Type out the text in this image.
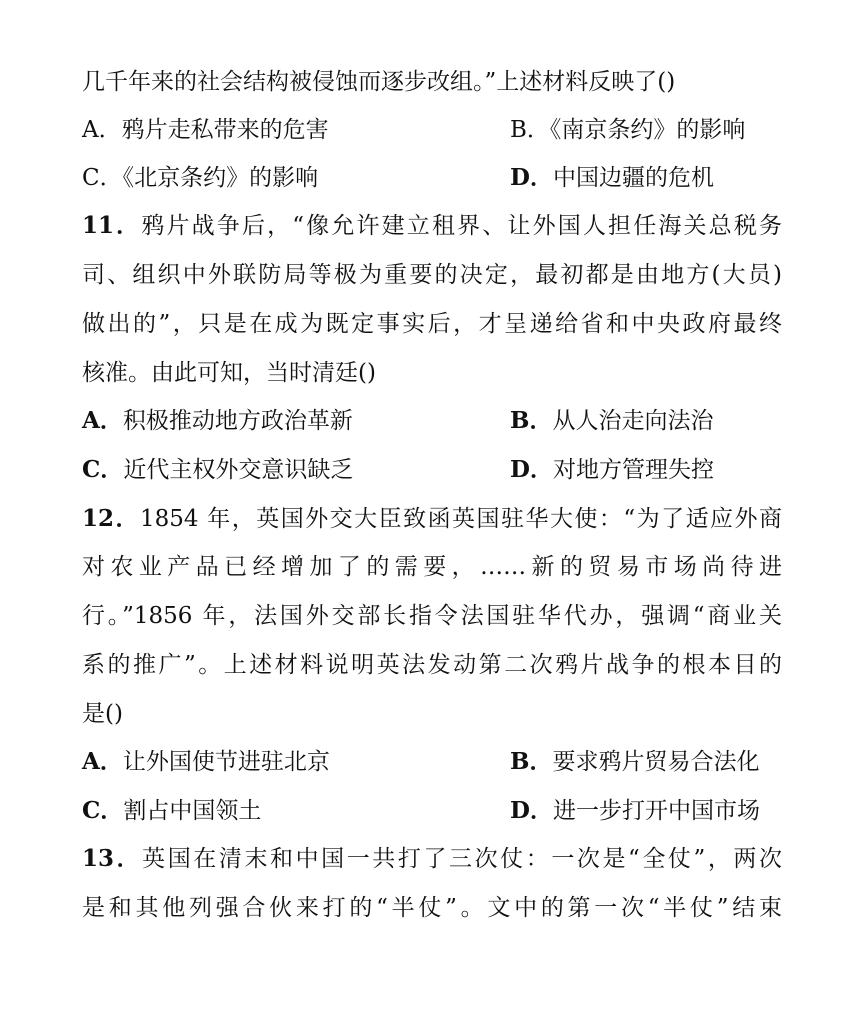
几千年来的社会结构被侵蚀而逐步改组。”上述材料反映了()
A．鸦片走私带来的危害	B．《南京条约》的影响
C．《北京条约》的影响	D．中国边疆的危机
11．鸦片战争后，“像允许建立租界、让外国人担任海关总税务
司、组织中外联防局等极为重要的决定，最初都是由地方(大员)
做出的”，只是在成为既定事实后，才呈递给省和中央政府最终
核准。由此可知，当时清廷()
A．积极推动地方政治革新	B．从人治走向法治
C．近代主权外交意识缺乏	D．对地方管理失控
12．1854 年，英国外交大臣致函英国驻华大使：“为了适应外商
对农业产品已经增加了的需要，……新的贸易市场尚待进
行。”1856 年，法国外交部长指令法国驻华代办，强调“商业关
系的推广”。上述材料说明英法发动第二次鸦片战争的根本目的
是()
A．让外国使节进驻北京	B．要求鸦片贸易合法化
C．割占中国领土	D．进一步打开中国市场
13．英国在清末和中国一共打了三次仗：一次是“全仗”，两次
是和其他列强合伙来打的“半仗”。文中的第一次“半仗”结束
